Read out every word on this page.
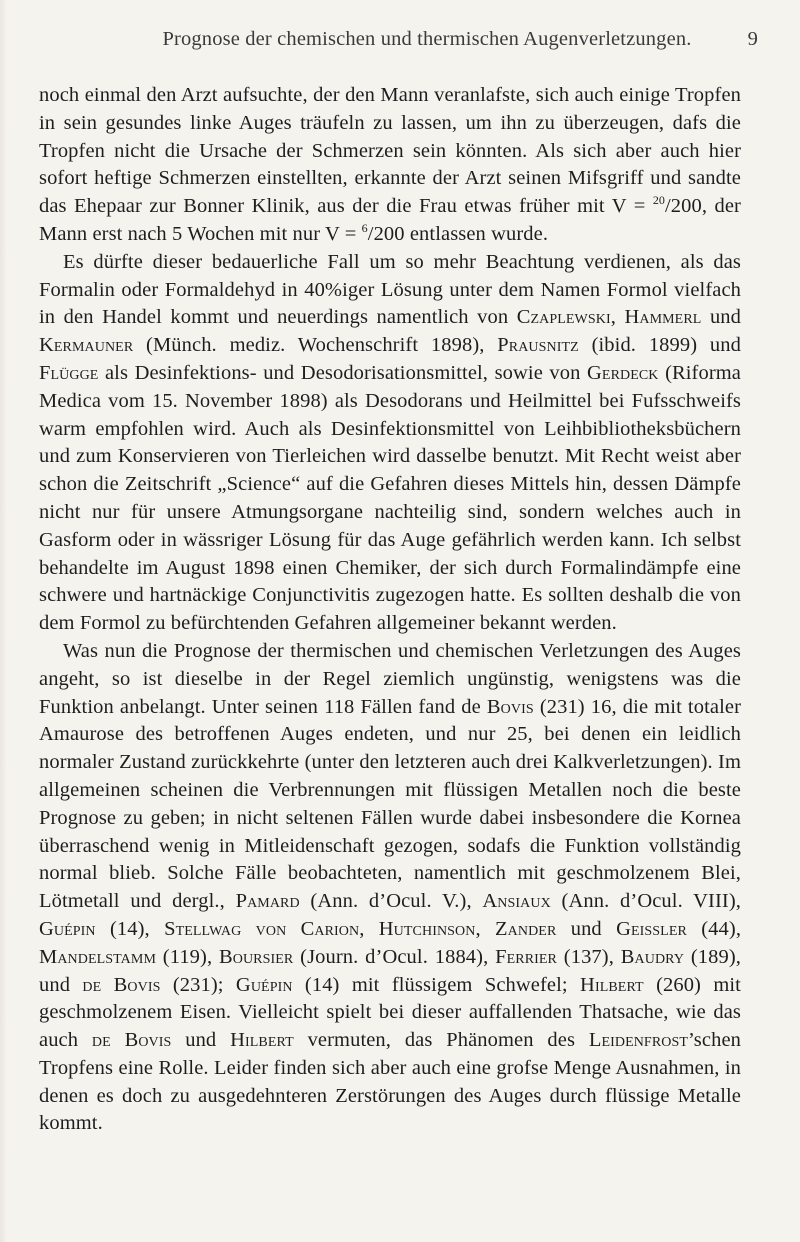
Prognose der chemischen und thermischen Augenverletzungen.	9

noch einmal den Arzt aufsuchte, der den Mann veranlafste, sich auch einige Tropfen in sein gesundes linke Auges träufeln zu lassen, um ihn zu überzeugen, dafs die Tropfen nicht die Ursache der Schmerzen sein könnten. Als sich aber auch hier sofort heftige Schmerzen einstellten, erkannte der Arzt seinen Mifsgriff und sandte das Ehepaar zur Bonner Klinik, aus der die Frau etwas früher mit V = $^{20}$/200, der Mann erst nach 5 Wochen mit nur V = $^6$/200 entlassen wurde.

Es dürfte dieser bedauerliche Fall um so mehr Beachtung verdienen, als das Formalin oder Formaldehyd in 40%iger Lösung unter dem Namen Formol vielfach in den Handel kommt und neuerdings namentlich von Czaplewski, Hammerl und Kermauner (Münch. mediz. Wochenschrift 1898), Prausnitz (ibid. 1899) und Flügge als Desinfektions- und Desodorisationsmittel, sowie von Gerdeck (Riforma Medica vom 15. November 1898) als Desodorans und Heilmittel bei Fufsschweifs warm empfohlen wird. Auch als Desinfektionsmittel von Leihbibliotheksbüchern und zum Konservieren von Tierleichen wird dasselbe benutzt. Mit Recht weist aber schon die Zeitschrift „Science“ auf die Gefahren dieses Mittels hin, dessen Dämpfe nicht nur für unsere Atmungsorgane nachteilig sind, sondern welches auch in Gasform oder in wässriger Lösung für das Auge gefährlich werden kann. Ich selbst behandelte im August 1898 einen Chemiker, der sich durch Formalindämpfe eine schwere und hartnäckige Conjunctivitis zugezogen hatte. Es sollten deshalb die von dem Formol zu befürchtenden Gefahren allgemeiner bekannt werden.

Was nun die Prognose der thermischen und chemischen Verletzungen des Auges angeht, so ist dieselbe in der Regel ziemlich ungünstig, wenigstens was die Funktion anbelangt. Unter seinen 118 Fällen fand de Bovis (231) 16, die mit totaler Amaurose des betroffenen Auges endeten, und nur 25, bei denen ein leidlich normaler Zustand zurückkehrte (unter den letzteren auch drei Kalkverletzungen). Im allgemeinen scheinen die Verbrennungen mit flüssigen Metallen noch die beste Prognose zu geben; in nicht seltenen Fällen wurde dabei insbesondere die Kornea überraschend wenig in Mitleidenschaft gezogen, sodafs die Funktion vollständig normal blieb. Solche Fälle beobachteten, namentlich mit geschmolzenem Blei, Lötmetall und dergl., Pamard (Ann. d’Ocul. V.), Ansiaux (Ann. d’Ocul. VIII), Guépin (14), Stellwag von Carion, Hutchinson, Zander und Geissler (44), Mandelstamm (119), Boursier (Journ. d’Ocul. 1884), Ferrier (137), Baudry (189), und de Bovis (231); Guépin (14) mit flüssigem Schwefel; Hilbert (260) mit geschmolzenem Eisen. Vielleicht spielt bei dieser auffallenden Thatsache, wie das auch de Bovis und Hilbert vermuten, das Phänomen des Leidenfrost’schen Tropfens eine Rolle. Leider finden sich aber auch eine grofse Menge Ausnahmen, in denen es doch zu ausgedehnteren Zerstörungen des Auges durch flüssige Metalle kommt.
